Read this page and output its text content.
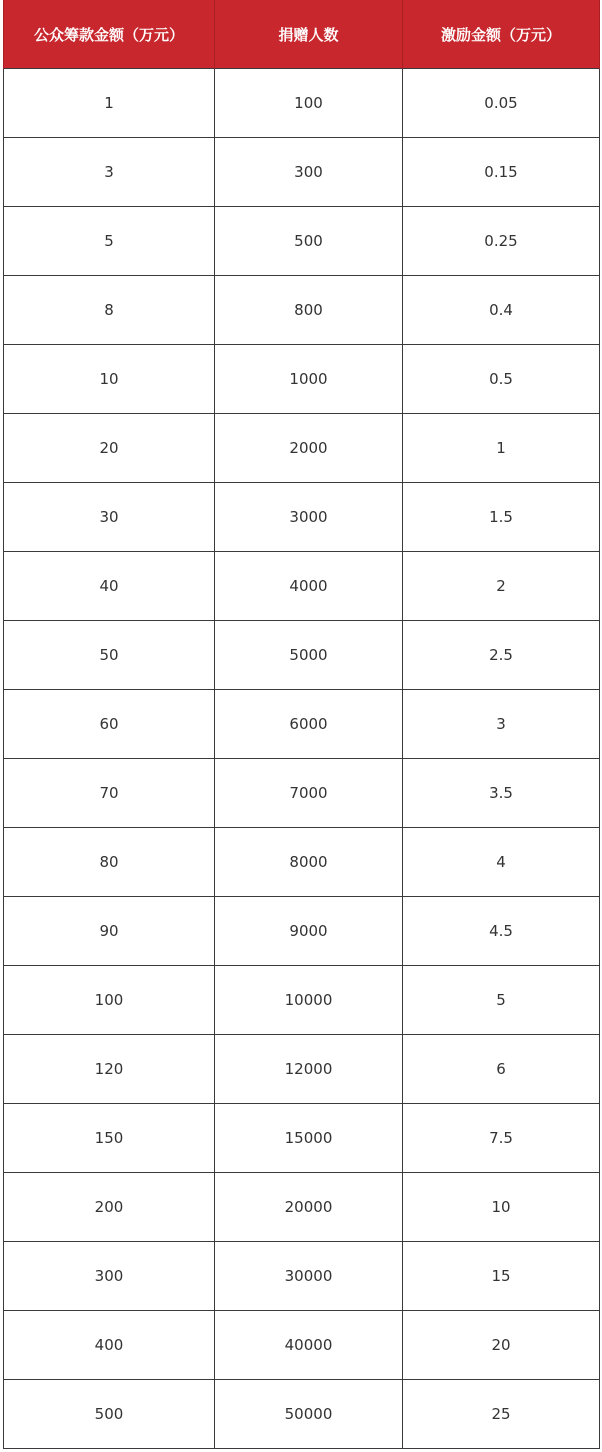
公众筹款金额（万元）	捐赠人数	激励金额（万元）
1	100	0.05
3	300	0.15
5	500	0.25
8	800	0.4
10	1000	0.5
20	2000	1
30	3000	1.5
40	4000	2
50	5000	2.5
60	6000	3
70	7000	3.5
80	8000	4
90	9000	4.5
100	10000	5
120	12000	6
150	15000	7.5
200	20000	10
300	30000	15
400	40000	20
500	50000	25
